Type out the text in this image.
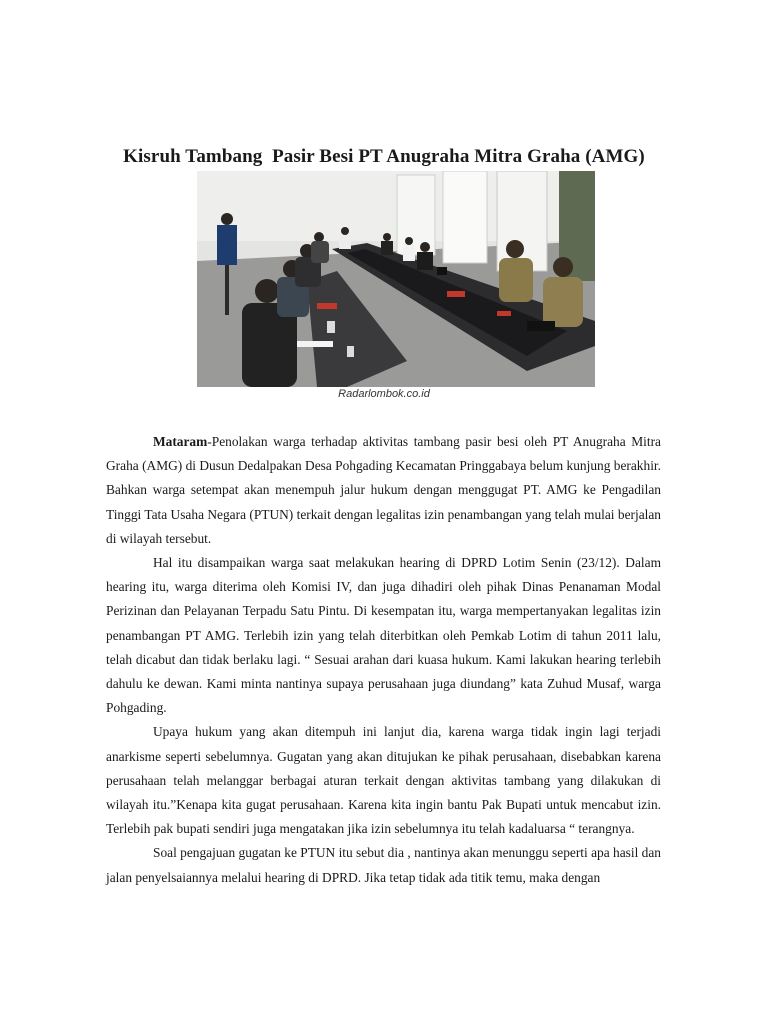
Kisruh Tambang  Pasir Besi PT Anugraha Mitra Graha (AMG)
Radarlombok.co.id

Mataram-Penolakan warga terhadap aktivitas tambang pasir besi oleh PT Anugraha Mitra Graha (AMG) di Dusun Dedalpakan Desa Pohgading Kecamatan Pringgabaya belum kunjung berakhir. Bahkan warga setempat akan menempuh jalur hukum dengan menggugat PT. AMG ke Pengadilan Tinggi Tata Usaha Negara (PTUN) terkait dengan legalitas izin penambangan yang telah mulai berjalan di wilayah tersebut.

Hal itu disampaikan warga saat melakukan hearing di DPRD Lotim Senin (23/12). Dalam hearing itu, warga diterima oleh Komisi IV, dan juga dihadiri oleh pihak Dinas Penanaman Modal Perizinan dan Pelayanan Terpadu Satu Pintu. Di kesempatan itu, warga mempertanyakan legalitas izin penambangan PT AMG. Terlebih izin yang telah diterbitkan oleh Pemkab Lotim di tahun 2011 lalu, telah dicabut dan tidak berlaku lagi. “ Sesuai arahan dari kuasa hukum. Kami lakukan hearing terlebih dahulu ke dewan. Kami minta nantinya supaya perusahaan juga diundang” kata Zuhud Musaf, warga Pohgading.

Upaya hukum yang akan ditempuh ini lanjut dia, karena warga tidak ingin lagi terjadi anarkisme seperti sebelumnya. Gugatan yang akan ditujukan ke pihak perusahaan, disebabkan karena perusahaan telah melanggar berbagai aturan terkait dengan aktivitas tambang yang dilakukan di wilayah itu.”Kenapa kita gugat perusahaan. Karena kita ingin bantu Pak Bupati untuk mencabut izin. Terlebih pak bupati sendiri juga mengatakan jika izin sebelumnya itu telah kadaluarsa “ terangnya.

Soal pengajuan gugatan ke PTUN itu sebut dia , nantinya akan menunggu seperti apa hasil dan jalan penyelsaiannya melalui hearing di DPRD. Jika tetap tidak ada titik temu, maka dengan
